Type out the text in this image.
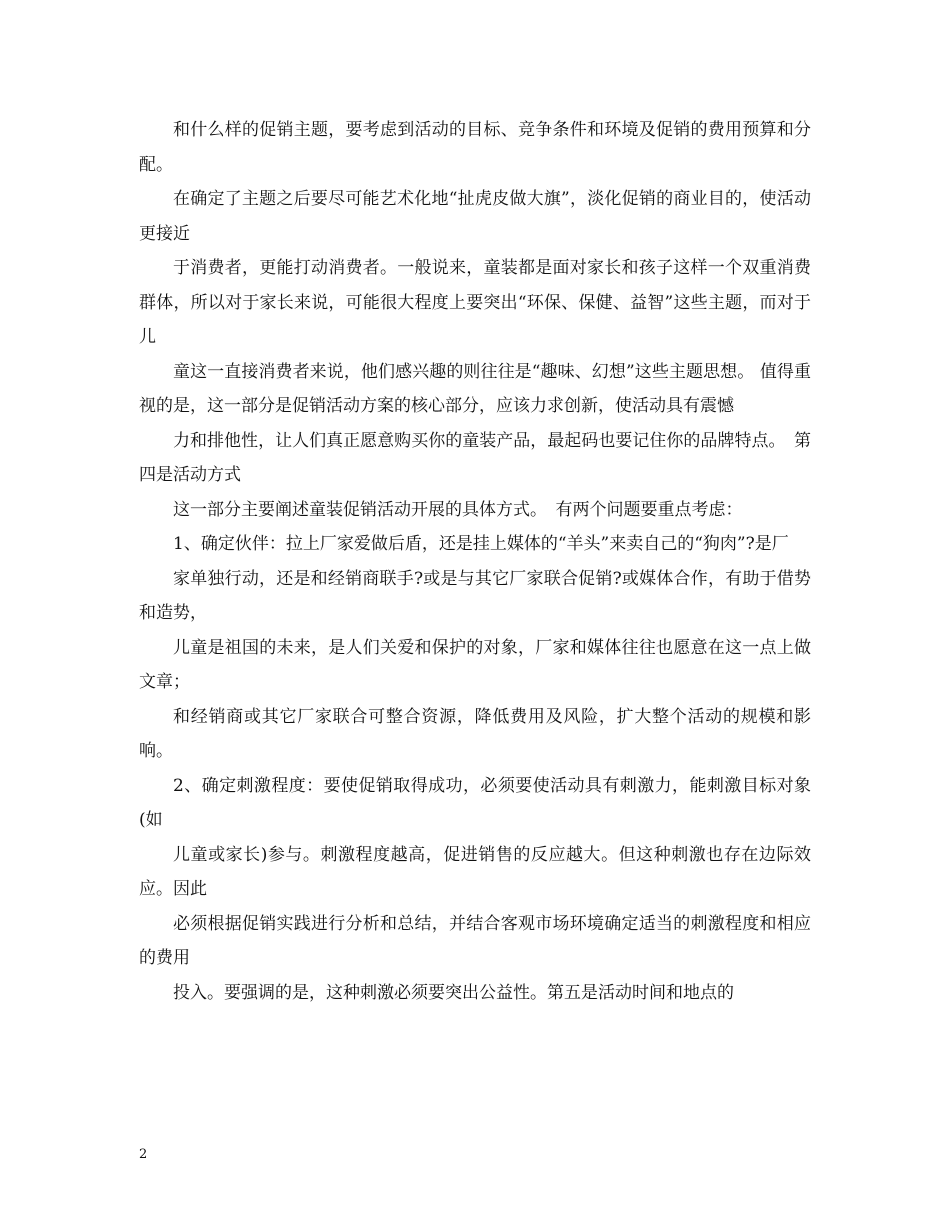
和什么样的促销主题，要考虑到活动的目标、竞争条件和环境及促销的费用预算和分配。

在确定了主题之后要尽可能艺术化地“扯虎皮做大旗”，淡化促销的商业目的，使活动更接近

于消费者，更能打动消费者。一般说来，童装都是面对家长和孩子这样一个双重消费群体，所以对于家长来说，可能很大程度上要突出“环保、保健、益智”这些主题，而对于儿

童这一直接消费者来说，他们感兴趣的则往往是“趣味、幻想”这些主题思想。 值得重视的是，这一部分是促销活动方案的核心部分，应该力求创新，使活动具有震憾

力和排他性，让人们真正愿意购买你的童装产品，最起码也要记住你的品牌特点。　第四是活动方式

这一部分主要阐述童装促销活动开展的具体方式。　有两个问题要重点考虑：

1、确定伙伴：拉上厂家爱做后盾，还是挂上媒体的“羊头”来卖自己的“狗肉”?是厂

家单独行动，还是和经销商联手?或是与其它厂家联合促销?或媒体合作，有助于借势和造势，

儿童是祖国的未来，是人们关爱和保护的对象，厂家和媒体往往也愿意在这一点上做文章；

和经销商或其它厂家联合可整合资源，降低费用及风险，扩大整个活动的规模和影响。

2、确定刺激程度：要使促销取得成功，必须要使活动具有刺激力，能刺激目标对象(如

儿童或家长)参与。刺激程度越高，促进销售的反应越大。但这种刺激也存在边际效应。因此

必须根据促销实践进行分析和总结，并结合客观市场环境确定适当的刺激程度和相应的费用

投入。要强调的是，这种刺激必须要突出公益性。第五是活动时间和地点的

2
